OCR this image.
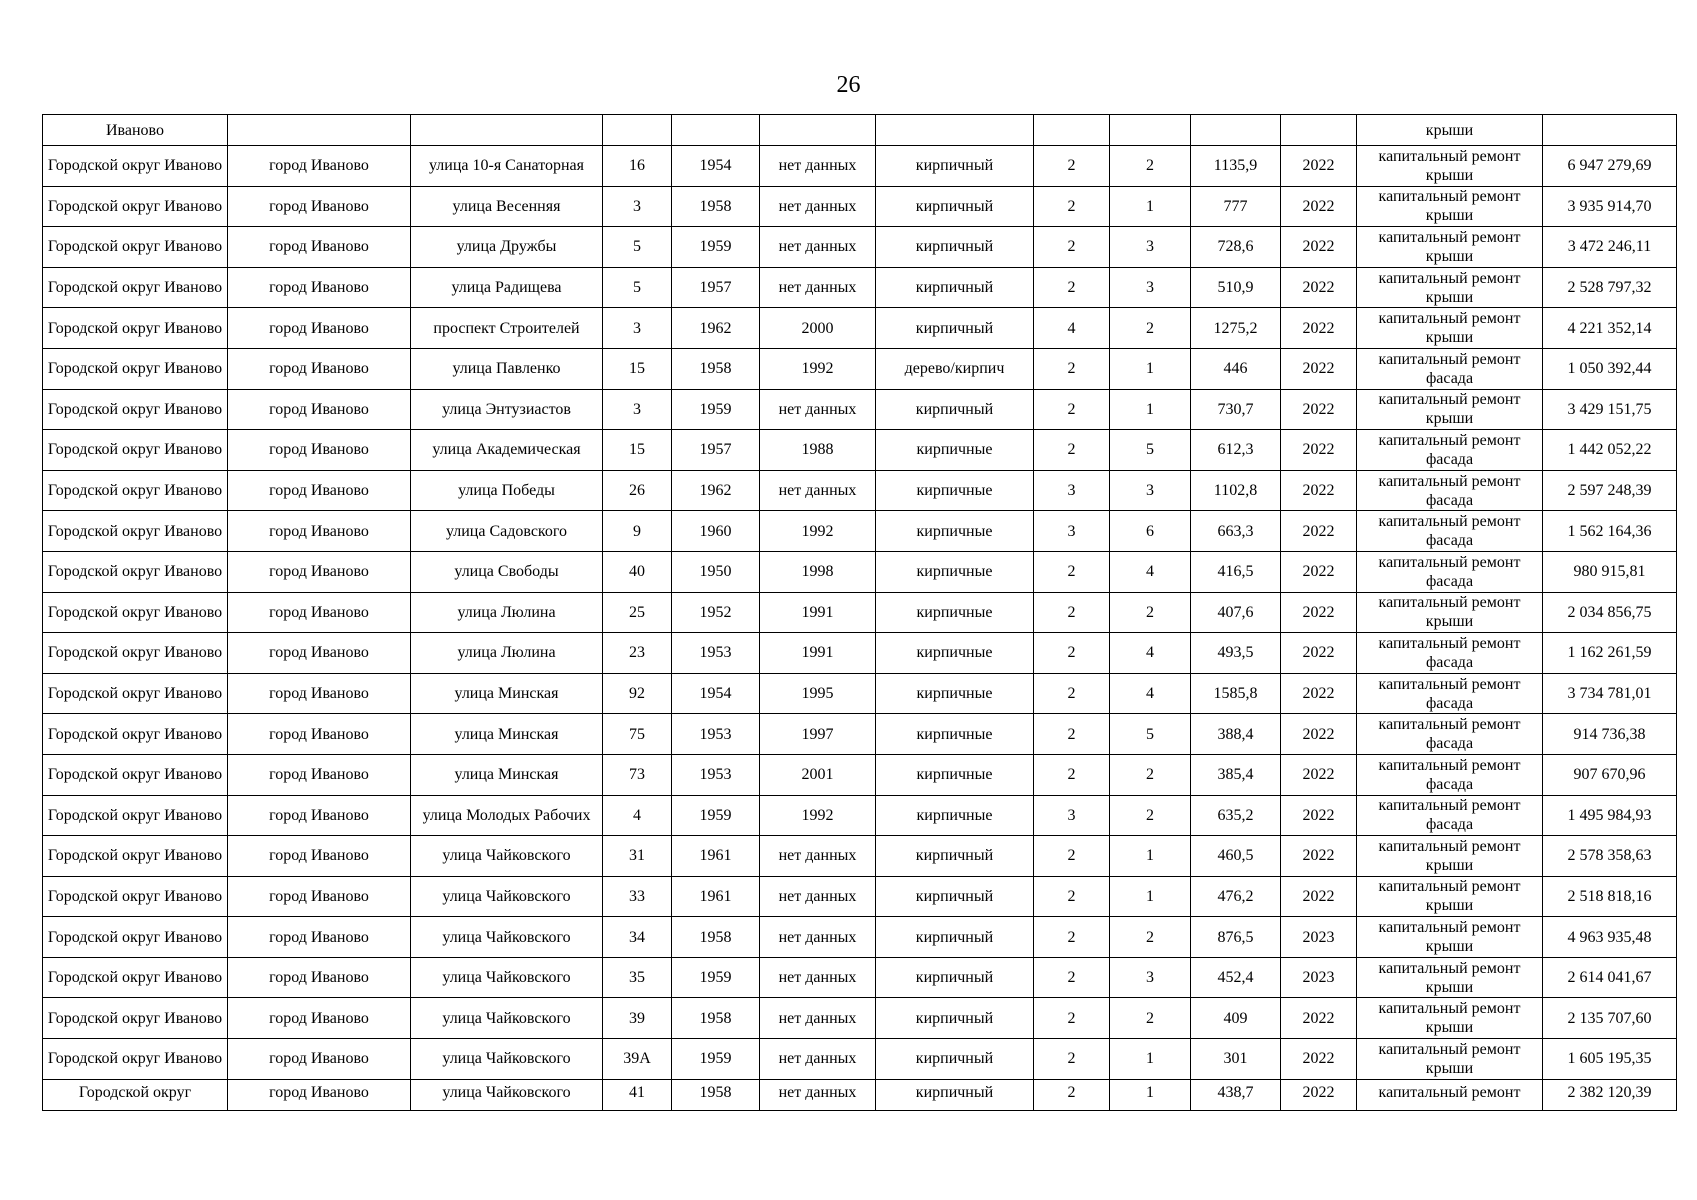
26
Иваново											крыши	
Городской округ Иваново	город Иваново	улица 10-я Санаторная	16	1954	нет данных	кирпичный	2	2	1135,9	2022	капитальный ремонт крыши	6 947 279,69
Городской округ Иваново	город Иваново	улица Весенняя	3	1958	нет данных	кирпичный	2	1	777	2022	капитальный ремонт крыши	3 935 914,70
Городской округ Иваново	город Иваново	улица Дружбы	5	1959	нет данных	кирпичный	2	3	728,6	2022	капитальный ремонт крыши	3 472 246,11
Городской округ Иваново	город Иваново	улица Радищева	5	1957	нет данных	кирпичный	2	3	510,9	2022	капитальный ремонт крыши	2 528 797,32
Городской округ Иваново	город Иваново	проспект Строителей	3	1962	2000	кирпичный	4	2	1275,2	2022	капитальный ремонт крыши	4 221 352,14
Городской округ Иваново	город Иваново	улица Павленко	15	1958	1992	дерево/кирпич	2	1	446	2022	капитальный ремонт фасада	1 050 392,44
Городской округ Иваново	город Иваново	улица Энтузиастов	3	1959	нет данных	кирпичный	2	1	730,7	2022	капитальный ремонт крыши	3 429 151,75
Городской округ Иваново	город Иваново	улица Академическая	15	1957	1988	кирпичные	2	5	612,3	2022	капитальный ремонт фасада	1 442 052,22
Городской округ Иваново	город Иваново	улица Победы	26	1962	нет данных	кирпичные	3	3	1102,8	2022	капитальный ремонт фасада	2 597 248,39
Городской округ Иваново	город Иваново	улица Садовского	9	1960	1992	кирпичные	3	6	663,3	2022	капитальный ремонт фасада	1 562 164,36
Городской округ Иваново	город Иваново	улица Свободы	40	1950	1998	кирпичные	2	4	416,5	2022	капитальный ремонт фасада	980 915,81
Городской округ Иваново	город Иваново	улица Люлина	25	1952	1991	кирпичные	2	2	407,6	2022	капитальный ремонт крыши	2 034 856,75
Городской округ Иваново	город Иваново	улица Люлина	23	1953	1991	кирпичные	2	4	493,5	2022	капитальный ремонт фасада	1 162 261,59
Городской округ Иваново	город Иваново	улица Минская	92	1954	1995	кирпичные	2	4	1585,8	2022	капитальный ремонт фасада	3 734 781,01
Городской округ Иваново	город Иваново	улица Минская	75	1953	1997	кирпичные	2	5	388,4	2022	капитальный ремонт фасада	914 736,38
Городской округ Иваново	город Иваново	улица Минская	73	1953	2001	кирпичные	2	2	385,4	2022	капитальный ремонт фасада	907 670,96
Городской округ Иваново	город Иваново	улица Молодых Рабочих	4	1959	1992	кирпичные	3	2	635,2	2022	капитальный ремонт фасада	1 495 984,93
Городской округ Иваново	город Иваново	улица Чайковского	31	1961	нет данных	кирпичный	2	1	460,5	2022	капитальный ремонт крыши	2 578 358,63
Городской округ Иваново	город Иваново	улица Чайковского	33	1961	нет данных	кирпичный	2	1	476,2	2022	капитальный ремонт крыши	2 518 818,16
Городской округ Иваново	город Иваново	улица Чайковского	34	1958	нет данных	кирпичный	2	2	876,5	2023	капитальный ремонт крыши	4 963 935,48
Городской округ Иваново	город Иваново	улица Чайковского	35	1959	нет данных	кирпичный	2	3	452,4	2023	капитальный ремонт крыши	2 614 041,67
Городской округ Иваново	город Иваново	улица Чайковского	39	1958	нет данных	кирпичный	2	2	409	2022	капитальный ремонт крыши	2 135 707,60
Городской округ Иваново	город Иваново	улица Чайковского	39А	1959	нет данных	кирпичный	2	1	301	2022	капитальный ремонт крыши	1 605 195,35
Городской округ	город Иваново	улица Чайковского	41	1958	нет данных	кирпичный	2	1	438,7	2022	капитальный ремонт	2 382 120,39
